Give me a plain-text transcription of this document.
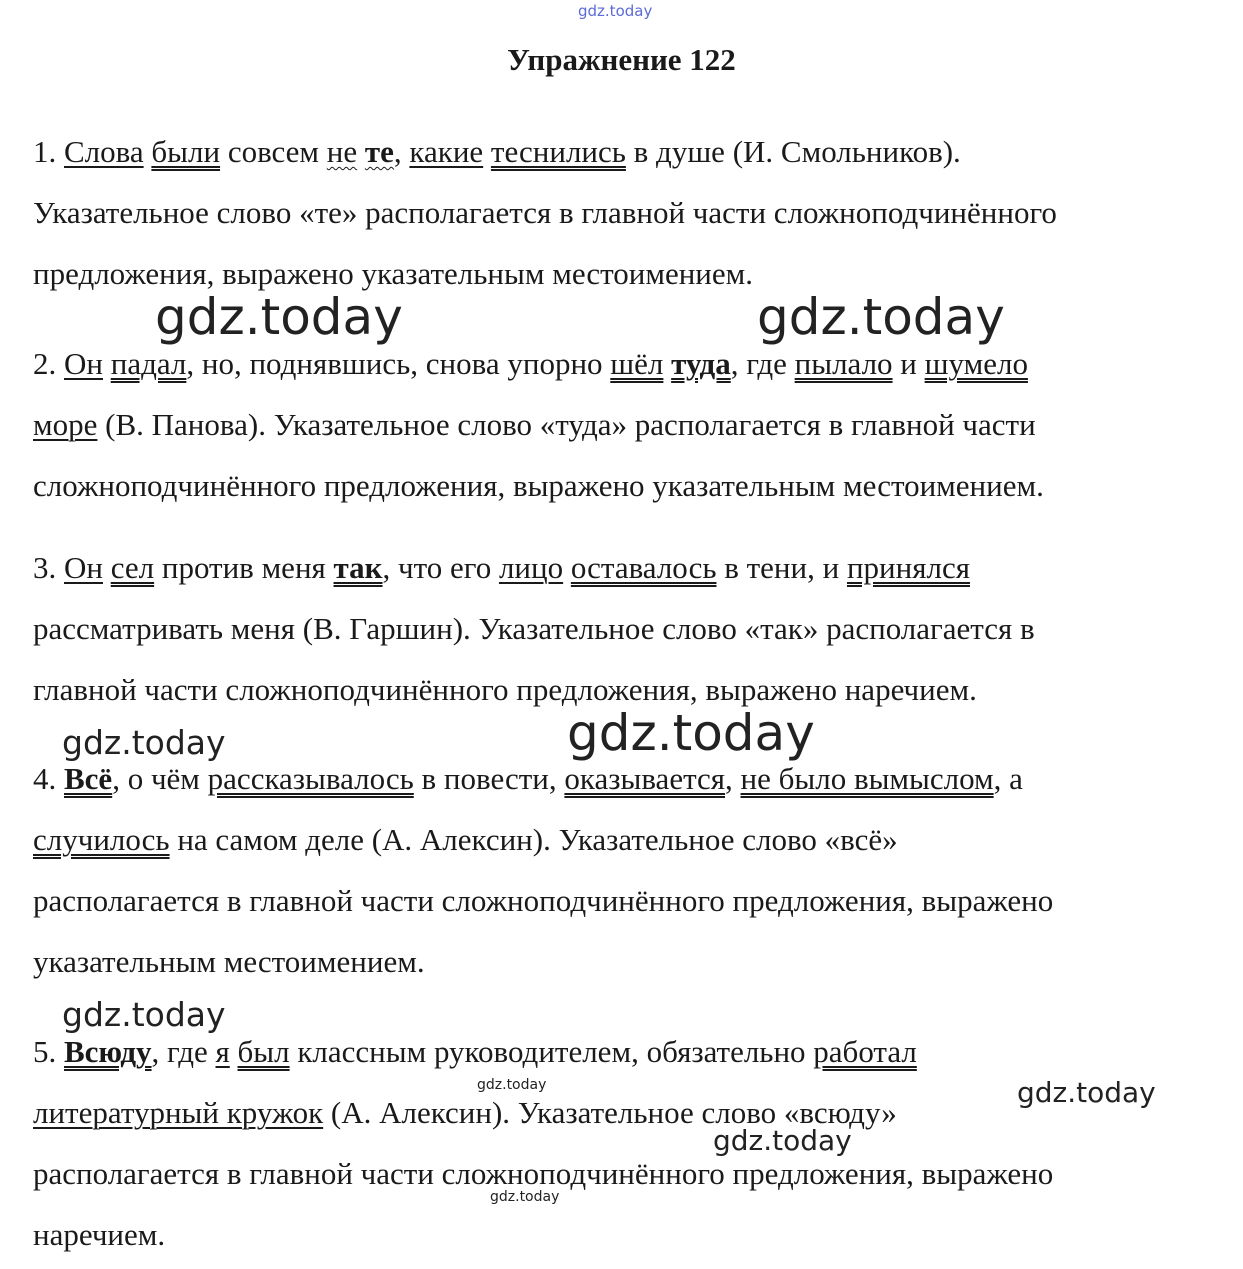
gdz.today
Упражнение 122
1. Слова были совсем не те, какие теснились в душе (И. Смольников).
Указательное слово «те» располагается в главной части сложноподчинённого
предложения, выражено указательным местоимением.
2. Он падал, но, поднявшись, снова упорно шёл туда, где пылало и шумело
море (В. Панова). Указательное слово «туда» располагается в главной части
сложноподчинённого предложения, выражено указательным местоимением.
3. Он сел против меня так, что его лицо оставалось в тени, и принялся
рассматривать меня (В. Гаршин). Указательное слово «так» располагается в
главной части сложноподчинённого предложения, выражено наречием.
4. Всё, о чём рассказывалось в повести, оказывается, не было вымыслом, а
случилось на самом деле (А. Алексин). Указательное слово «всё»
располагается в главной части сложноподчинённого предложения, выражено
указательным местоимением.
5. Всюду, где я был классным руководителем, обязательно работал
литературный кружок (А. Алексин). Указательное слово «всюду»
располагается в главной части сложноподчинённого предложения, выражено
наречием.
gdz.today	gdz.today
gdz.today
gdz.today
gdz.today
gdz.today	gdz.today
gdz.today
gdz.today
